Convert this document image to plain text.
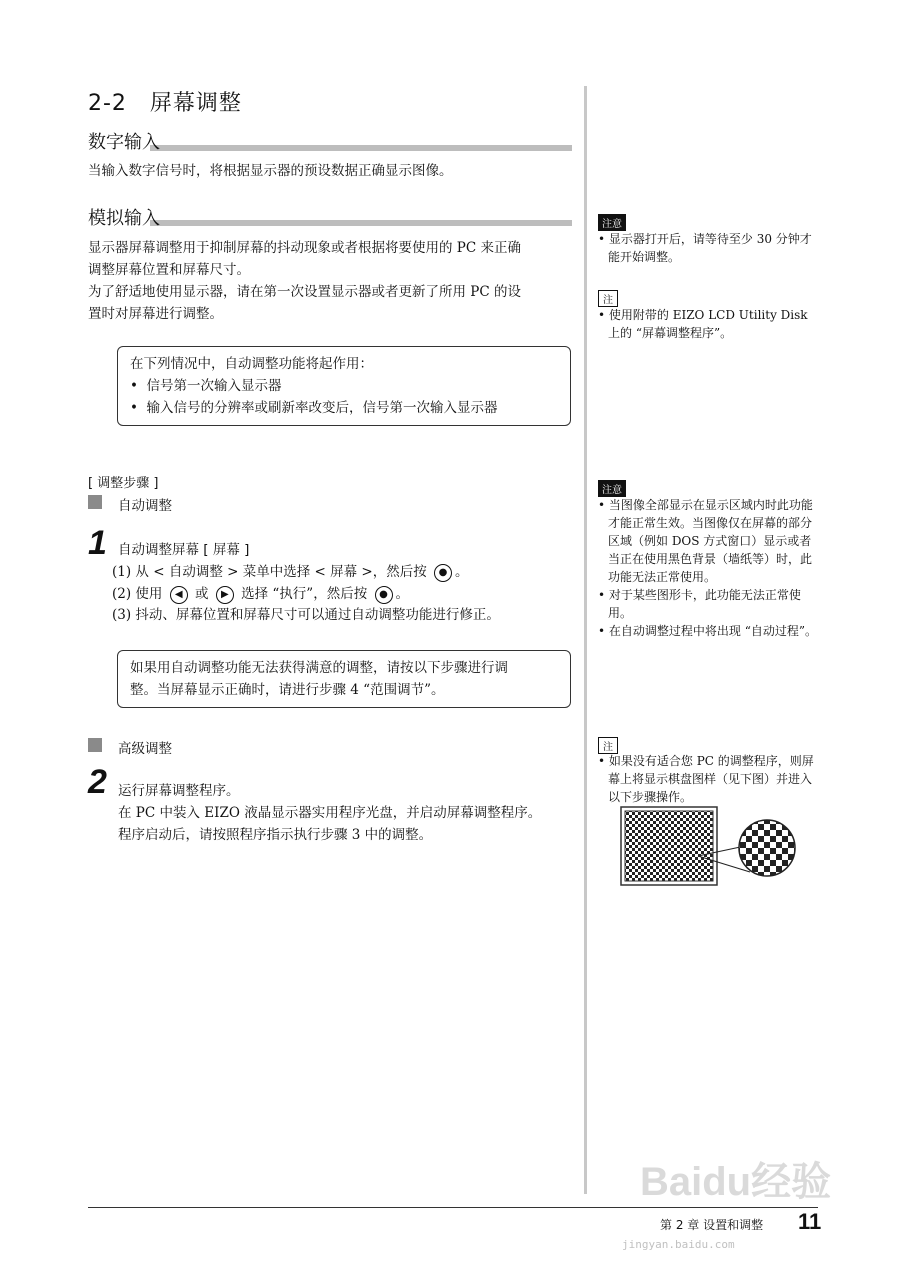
2-2　屏幕调整
数字输入
当输入数字信号时，将根据显示器的预设数据正确显示图像。
模拟输入
显示器屏幕调整用于抑制屏幕的抖动现象或者根据将要使用的 PC 来正确
调整屏幕位置和屏幕尺寸。
为了舒适地使用显示器，请在第一次设置显示器或者更新了所用 PC 的设
置时对屏幕进行调整。
在下列情况中，自动调整功能将起作用：
•  信号第一次输入显示器
•  输入信号的分辨率或刷新率改变后，信号第一次输入显示器
[ 调整步骤 ]
自动调整
1 自动调整屏幕 [ 屏幕 ]
(1) 从 < 自动调整 > 菜单中选择 < 屏幕 >，然后按 ● 。
(2) 使用 ◀ 或 ▶ 选择 “执行”，然后按 ● 。
(3) 抖动、屏幕位置和屏幕尺寸可以通过自动调整功能进行修正。
如果用自动调整功能无法获得满意的调整，请按以下步骤进行调
整。当屏幕显示正确时，请进行步骤 4 “范围调节”。
高级调整
2 运行屏幕调整程序。
在 PC 中装入 EIZO 液晶显示器实用程序光盘，并启动屏幕调整程序。
程序启动后，请按照程序指示执行步骤 3 中的调整。
注意
• 显示器打开后，请等待至少 30 分钟才能开始调整。
注
• 使用附带的 EIZO LCD Utility Disk 上的 “屏幕调整程序”。
注意
• 当图像全部显示在显示区域内时此功能才能正常生效。当图像仅在屏幕的部分区域（例如 DOS 方式窗口）显示或者当正在使用黑色背景（墙纸等）时，此功能无法正常使用。
• 对于某些图形卡，此功能无法正常使用。
• 在自动调整过程中将出现 “自动过程”。
注
• 如果没有适合您 PC 的调整程序，则屏幕上将显示棋盘图样（见下图）并进入以下步骤操作。
第 2 章 设置和调整 11
Baidu经验
jingyan.baidu.com
